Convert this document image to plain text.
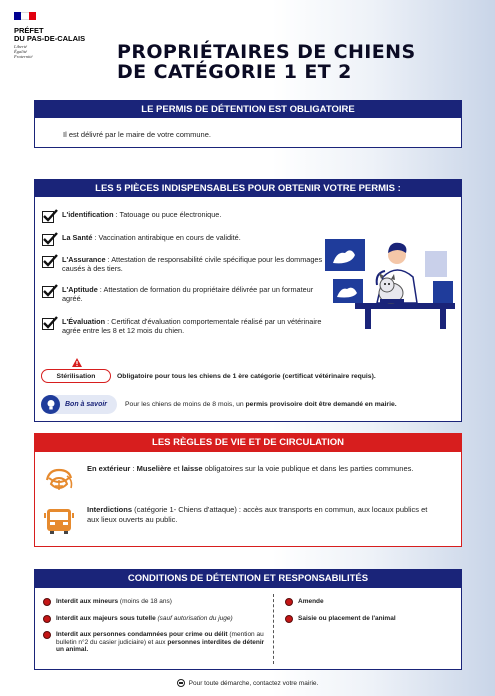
PRÉFET
DU PAS-DE-CALAIS
Liberté
Égalité
Fraternité	PROPRIÉTAIRES DE CHIENS
DE CATÉGORIE 1 ET 2
LE PERMIS DE DÉTENTION EST OBLIGATOIRE
Il est délivré par le maire de votre commune.
LES 5 PIÈCES INDISPENSABLES POUR OBTENIR VOTRE PERMIS :
L'identification : Tatouage ou puce électronique.
La Santé : Vaccination antirabique en cours de validité.
L'Assurance : Attestation de responsabilité civile spécifique pour les dommages causés à des tiers.
L'Aptitude : Attestation de formation du propriétaire délivrée par un formateur agréé.
L'Évaluation : Certificat d'évaluation comportementale réalisé par un vétérinaire agrée entre les 8 et 12 mois du chien.
Stérilisation	Obligatoire pour tous les chiens de 1 ère catégorie (certificat vétérinaire requis).
Bon à savoir	Pour les chiens de moins de 8 mois, un permis provisoire doit être demandé en mairie.
LES RÈGLES DE VIE ET DE CIRCULATION
En extérieur : Muselière et laisse obligatoires sur la voie publique et dans les parties communes.
Interdictions (catégorie 1- Chiens d'attaque) : accès aux transports en commun, aux locaux publics et aux lieux ouverts au public.
CONDITIONS DE DÉTENTION ET RESPONSABILITÉS
Interdit aux mineurs (moins de 18 ans)
Interdit aux majeurs sous tutelle (sauf autorisation du juge)
Interdit aux personnes condamnées pour crime ou délit (mention au bulletin n°2 du casier judiciaire) et aux personnes interdites de détenir un animal.
Amende
Saisie ou placement de l'animal
Pour toute démarche, contactez votre mairie.
